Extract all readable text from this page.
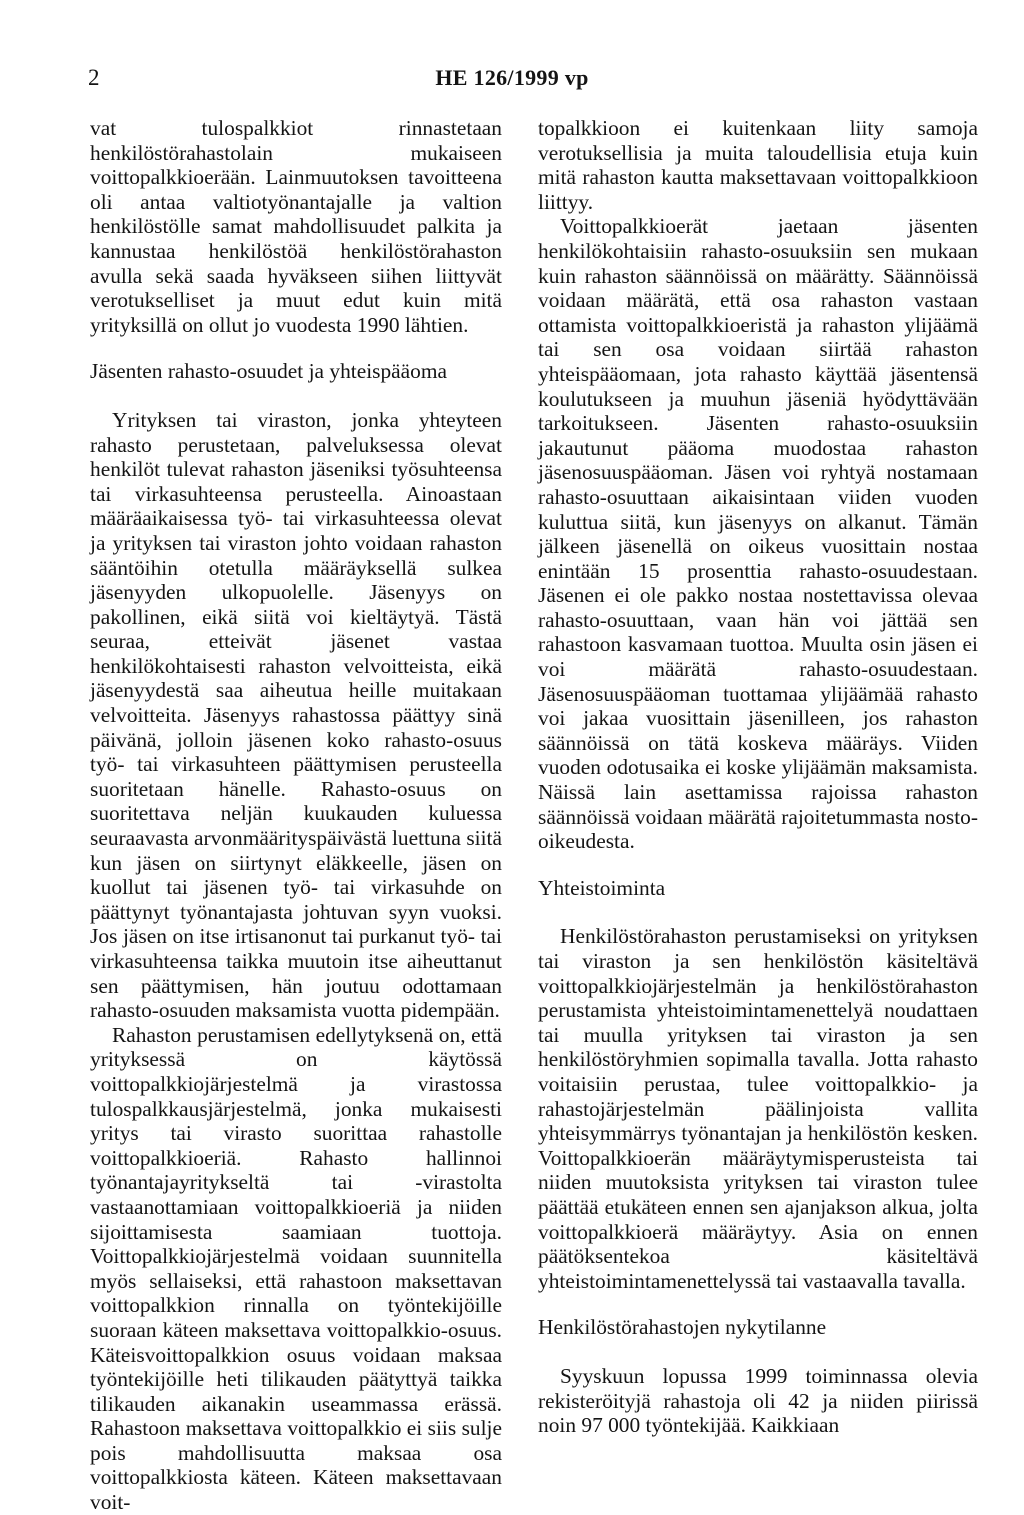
2	HE 126/1999 vp

vat tulospalkkiot rinnastetaan henkilöstörahastolain mukaiseen voittopalkkioerään. Lainmuutoksen tavoitteena oli antaa valtiotyönantajalle ja valtion henkilöstölle samat mahdollisuudet palkita ja kannustaa henkilöstöä henkilöstörahaston avulla sekä saada hyväkseen siihen liittyvät verotukselliset ja muut edut kuin mitä yrityksillä on ollut jo vuodesta 1990 lähtien.

Jäsenten rahasto-osuudet ja yhteispääoma

Yrityksen tai viraston, jonka yhteyteen rahasto perustetaan, palveluksessa olevat henkilöt tulevat rahaston jäseniksi työsuhteensa tai virkasuhteensa perusteella. Ainoastaan määräaikaisessa työ- tai virkasuhteessa olevat ja yrityksen tai viraston johto voidaan rahaston sääntöihin otetulla määräyksellä sulkea jäsenyyden ulkopuolelle. Jäsenyys on pakollinen, eikä siitä voi kieltäytyä. Tästä seuraa, etteivät jäsenet vastaa henkilökohtaisesti rahaston velvoitteista, eikä jäsenyydestä saa aiheutua heille muitakaan velvoitteita. Jäsenyys rahastossa päättyy sinä päivänä, jolloin jäsenen koko rahasto-osuus työ- tai virkasuhteen päättymisen perusteella suoritetaan hänelle. Rahasto-osuus on suoritettava neljän kuukauden kuluessa seuraavasta arvonmäärityspäivästä luettuna siitä kun jäsen on siirtynyt eläkkeelle, jäsen on kuollut tai jäsenen työ- tai virkasuhde on päättynyt työnantajasta johtuvan syyn vuoksi. Jos jäsen on itse irtisanonut tai purkanut työ- tai virkasuhteensa taikka muutoin itse aiheuttanut sen päättymisen, hän joutuu odottamaan rahasto-osuuden maksamista vuotta pidempään.

Rahaston perustamisen edellytyksenä on, että yrityksessä on käytössä voittopalkkiojärjestelmä ja virastossa tulospalkkausjärjestelmä, jonka mukaisesti yritys tai virasto suorittaa rahastolle voittopalkkioeriä. Rahasto hallinnoi työnantajayritykseltä tai -virastolta vastaanottamiaan voittopalkkioeriä ja niiden sijoittamisesta saamiaan tuottoja. Voittopalkkiojärjestelmä voidaan suunnitella myös sellaiseksi, että rahastoon maksettavan voittopalkkion rinnalla on työntekijöille suoraan käteen maksettava voittopalkkio-osuus. Käteisvoittopalkkion osuus voidaan maksaa työntekijöille heti tilikauden päätyttyä taikka tilikauden aikanakin useammassa erässä. Rahastoon maksettava voittopalkkio ei siis sulje pois mahdollisuutta maksaa osa voittopalkkiosta käteen. Käteen maksettavaan voit-

topalkkioon ei kuitenkaan liity samoja verotuksellisia ja muita taloudellisia etuja kuin mitä rahaston kautta maksettavaan voittopalkkioon liittyy.

Voittopalkkioerät jaetaan jäsenten henkilökohtaisiin rahasto-osuuksiin sen mukaan kuin rahaston säännöissä on määrätty. Säännöissä voidaan määrätä, että osa rahaston vastaan ottamista voittopalkkioeristä ja rahaston ylijäämä tai sen osa voidaan siirtää rahaston yhteispääomaan, jota rahasto käyttää jäsentensä koulutukseen ja muuhun jäseniä hyödyttävään tarkoitukseen. Jäsenten rahasto-osuuksiin jakautunut pääoma muodostaa rahaston jäsenosuuspääoman. Jäsen voi ryhtyä nostamaan rahasto-osuuttaan aikaisintaan viiden vuoden kuluttua siitä, kun jäsenyys on alkanut. Tämän jälkeen jäsenellä on oikeus vuosittain nostaa enintään 15 prosenttia rahasto-osuudestaan. Jäsenen ei ole pakko nostaa nostettavissa olevaa rahasto-osuuttaan, vaan hän voi jättää sen rahastoon kasvamaan tuottoa. Muulta osin jäsen ei voi määrätä rahasto-osuudestaan. Jäsenosuuspääoman tuottamaa ylijäämää rahasto voi jakaa vuosittain jäsenilleen, jos rahaston säännöissä on tätä koskeva määräys. Viiden vuoden odotusaika ei koske ylijäämän maksamista. Näissä lain asettamissa rajoissa rahaston säännöissä voidaan määrätä rajoitetummasta nosto-oikeudesta.

Yhteistoiminta

Henkilöstörahaston perustamiseksi on yrityksen tai viraston ja sen henkilöstön käsiteltävä voittopalkkiojärjestelmän ja henkilöstörahaston perustamista yhteistoimintamenettelyä noudattaen tai muulla yrityksen tai viraston ja sen henkilöstöryhmien sopimalla tavalla. Jotta rahasto voitaisiin perustaa, tulee voittopalkkio- ja rahastojärjestelmän päälinjoista vallita yhteisymmärrys työnantajan ja henkilöstön kesken. Voittopalkkioerän määräytymisperusteista tai niiden muutoksista yrityksen tai viraston tulee päättää etukäteen ennen sen ajanjakson alkua, jolta voittopalkkioerä määräytyy. Asia on ennen päätöksentekoa käsiteltävä yhteistoimintamenettelyssä tai vastaavalla tavalla.

Henkilöstörahastojen nykytilanne

Syyskuun lopussa 1999 toiminnassa olevia rekisteröityjä rahastoja oli 42 ja niiden piirissä noin 97 000 työntekijää. Kaikkiaan
